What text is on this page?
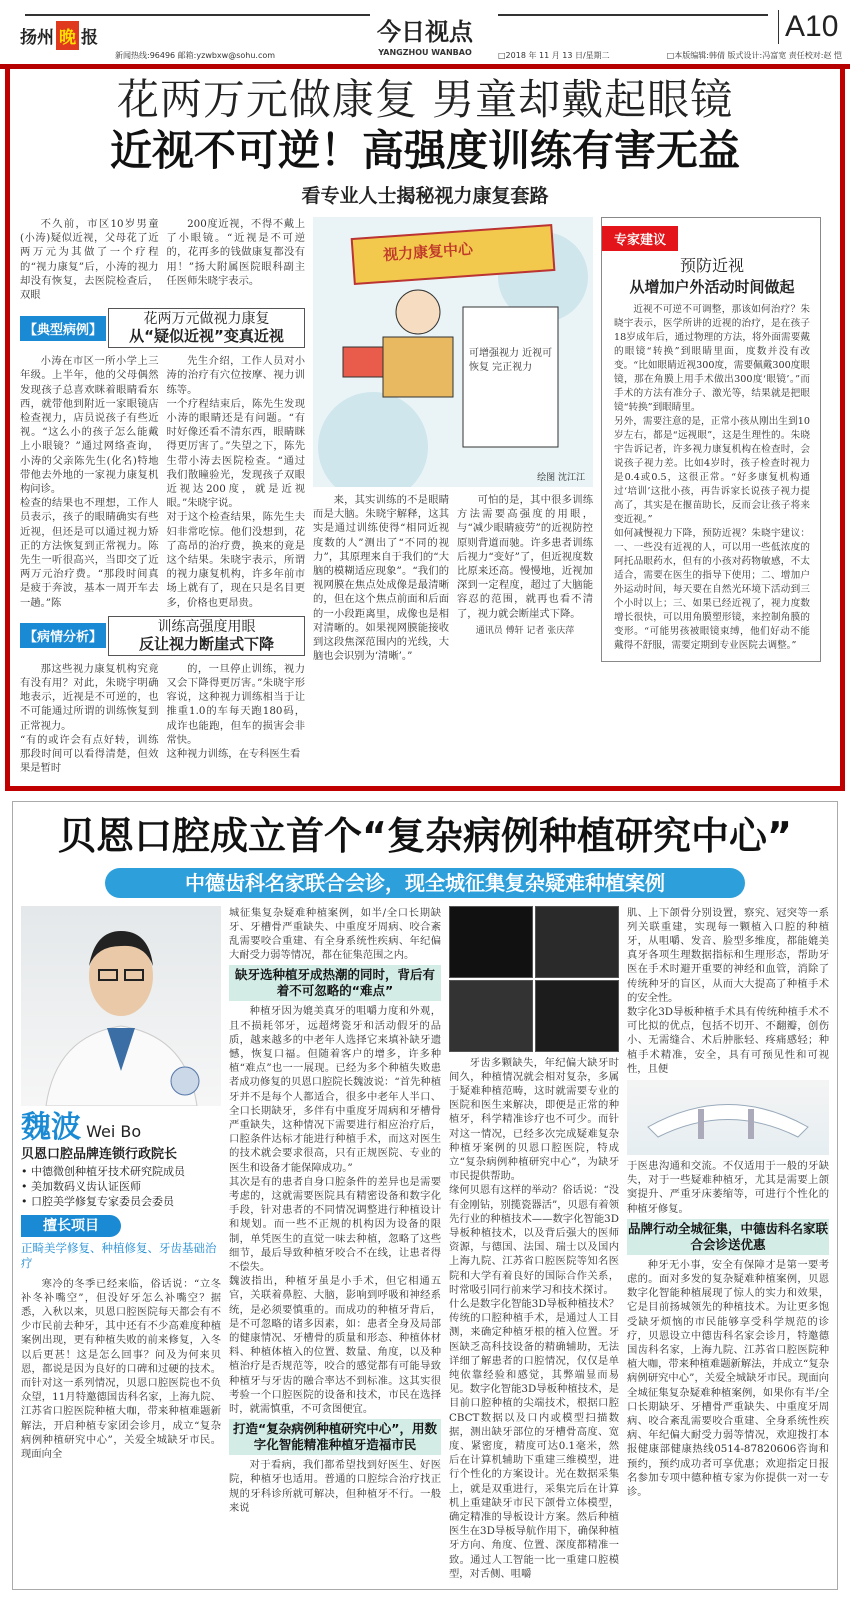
扬州 晚 报
新闻热线:96496 邮箱:yzwbxw@sohu.com
今日视点
YANGZHOU WANBAO	□2018 年 11 月 13 日/星期二	□本版编辑:韩倩 版式设计:冯富宽 责任校对:赵 恺
A10
花两万元做康复 男童却戴起眼镜
近视不可逆！高强度训练有害无益
看专业人士揭秘视力康复套路
不久前，市区10岁男童(小涛)疑似近视，父母花了近两万元为其做了一个疗程的“视力康复”后，小涛的视力却没有恢复，去医院检查后，双眼
200度近视，不得不戴上了小眼镜。“近视是不可逆的，花再多的钱做康复都没有用！”扬大附属医院眼科副主任医师朱晓宇表示。
【典型病例】
花两万元做视力康复
从“疑似近视”变真近视
小涛在市区一所小学上三年级。上半年，他的父母偶然发现孩子总喜欢眯着眼睛看东西，就带他到附近一家眼镜店检查视力，店员说孩子有些近视。“这么小的孩子怎么能戴上小眼镜？”通过网络查询，小涛的父亲陈先生(化名)特地带他去外地的一家视力康复机构问诊。
检查的结果也不理想，工作人员表示，孩子的眼睛确实有些近视，但还是可以通过视力矫正的方法恢复到正常视力。陈先生一听很高兴，当即交了近两万元治疗费。“那段时间真是疲于奔波，基本一周开车去一趟。”陈
先生介绍，工作人员对小涛的治疗有穴位按摩、视力训练等。
一个疗程结束后，陈先生发现小涛的眼睛还是有问题。“有时好像还看不清东西，眼睛眯得更厉害了。”失望之下，陈先生带小涛去医院检查。“通过我们散瞳验光，发现孩子双眼近视达200度，就是近视眼。”朱晓宇说。
对于这个检查结果，陈先生夫妇非常吃惊。他们没想到，花了高昂的治疗费，换来的竟是这个结果。朱晓宇表示，所谓的视力康复机构，许多年前市场上就有了，现在只是名目更多，价格也更昂贵。
【病情分析】
训练高强度用眼
反让视力断崖式下降
那这些视力康复机构究竟有没有用？对此，朱晓宇明确地表示，近视是不可逆的，也不可能通过所谓的训练恢复到正常视力。
“有的或许会有点好转，训练那段时间可以看得清楚，但效果是暂时
的，一旦停止训练，视力又会下降得更厉害。”朱晓宇形容说，这种视力训练相当于让推重1.0的车每天跑180码，成诈也能跑，但车的损害会非常快。
这种视力训练，在专科医生看
视力康复中心
可增强视力 近视可恢复 完正视力
绘图 沈江江
来，其实训练的不是眼睛而是大脑。朱晓宇解释，这其实是通过训练使得“相同近视度数的人”测出了“不同的视力”，其原理来自于我们的“大脑的模糊适应现象”。“我们的视网膜在焦点处成像是最清晰的，但在这个焦点前面和后面的一小段距离里，成像也是相对清晰的。如果视网膜能接收到这段焦深范围内的光线，大脑也会识别为‘清晰’。”
可怕的是，其中很多训练方法需要高强度的用眼，与“减少眼睛疲劳”的近视防控原则背道而驰。许多患者训练后视力“变好”了，但近视度数比原来还高。慢慢地，近视加深到一定程度，超过了大脑能容忍的范围，就再也看不清了，视力就会断崖式下降。
通讯员 傅轩 记者 张庆萍
专家建议
预防近视
从增加户外活动时间做起
近视不可逆不可调整，那该如何治疗？朱晓宇表示，医学所讲的近视的治疗，是在孩子18岁成年后，通过物理的方法，将外面需要戴的眼镜“转换”到眼睛里面，度数并没有改变。“比如眼睛近视300度，需要佩戴300度眼镜，那在角膜上用手术做出300度‘眼镜’。”而手术的方法有准分子、激光等，结果就是把眼镜“转换”到眼睛里。
另外，需要注意的是，正常小孩从刚出生到10岁左右，都是“远视眼”，这是生理性的。朱晓宇告诉记者，许多视力康复机构在检查时，会说孩子视力差。比如4岁时，孩子检查时视力是0.4或0.5，这很正常。“好多康复机构通过‘培训’这批小孩，再告诉家长说孩子视力提高了，其实是在揠苗助长，反而会让孩子将来变近视。”
如何减慢视力下降，预防近视？朱晓宇建议：一、一些没有近视的人，可以用一些低浓度的阿托品眼药水，但有的小孩对药物敏感，不太适合，需要在医生的指导下使用；二、增加户外运动时间，每天要在自然光环境下活动到三个小时以上；三、如果已经近视了，视力度数增长很快，可以用角膜塑形镜，来控制角膜的变形。“可能男孩被眼镜束缚，他们好动不能戴得不舒服，需要定期到专业医院去调整。”
贝恩口腔成立首个“复杂病例种植研究中心”
中德齿科名家联合会诊，现全城征集复杂疑难种植案例
魏波 Wei Bo
贝恩口腔品牌连锁行政院长
• 中德微创种植牙技术研究院成员
• 美加数码义齿认证医师
• 口腔美学修复专家委员会委员
擅长项目
正畸美学修复、种植修复、牙齿基础治疗
寒冷的冬季已经来临，俗话说：“立冬补冬补嘴空”，但没好牙怎么补嘴空？据悉，入秋以来，贝恩口腔医院每天都会有不少市民前去种牙，其中还有不少高难度种植案例出现，更有种植失败的前来修复，入冬以后更甚！这是怎么回事？问及为何来贝恩，都说是因为良好的口碑和过硬的技术。而针对这一系列情况，贝恩口腔医院也不负众望，11月特邀德国齿科名家，上海九院、江苏省口腔医院种植大咖，带来种植难题新解法，开启种植专家团会诊月，成立“复杂病例种植研究中心”，关爱全城缺牙市民。现面向全
城征集复杂疑难种植案例，如半/全口长期缺牙、牙槽骨严重缺失、中重度牙周病、咬合紊乱需要咬合重建、有全身系统性疾病、年纪偏大耐受力弱等情况，都在征集范围之内。
缺牙选种植牙成热潮的同时，背后有着不可忽略的“难点”
种植牙因为媲美真牙的咀嚼力度和外观，且不损耗邻牙，远超烤瓷牙和活动假牙的品质，越来越多的中老年人选择它来填补缺牙遗憾，恢复口福。但随着客户的增多，许多种植“难点”也一一展现。已经为多个种植失败患者成功修复的贝恩口腔院长魏波说：“首先种植牙并不是每个人都适合，很多中老年人半口、全口长期缺牙，多伴有中重度牙周病和牙槽骨严重缺失，这种情况下需要进行相应治疗后，口腔条件达标才能进行种植手术，而这对医生的技术就会要求很高，只有正规医院、专业的医生和设备才能保障成功。”
其次是有的患者自身口腔条件的差异也是需要考虑的，这就需要医院具有精密设备和数字化手段，针对患者的不同情况调整进行种植设计和规划。而一些不正规的机构因为设备的限制，单凭医生的直觉一味去种植，忽略了这些细节，最后导致种植牙咬合不在线，让患者得不偿失。
魏波指出，种植牙虽是小手术，但它相通五官，关联着鼻腔、大脑，影响到呼吸和神经系统，是必须要慎重的。而成功的种植牙背后，是不可忽略的诸多因素，如：患者全身及局部的健康情况、牙槽骨的质量和形态、种植体材料、种植体植入的位置、数量、角度，以及种植治疗是否规范等，咬合的感觉都有可能导致种植牙与牙齿的融合率达不到标准。这其实很考验一个口腔医院的设备和技术，市民在选择时，就需慎重，不可贪图便宜。
打造“复杂病例种植研究中心”，用数字化智能精准种植牙造福市民
对于看病，我们都希望找到好医生、好医院，种植牙也适用。普通的口腔综合治疗找正规的牙科诊所就可解决，但种植牙不行。一般来说
牙齿多颗缺失，年纪偏大缺牙时间久，种植情况就会相对复杂，多属于疑难种植范畴，这时就需要专业的医院和医生来解决，即便是正常的种植牙，科学精准诊疗也不可少。而针对这一情况，已经多次完成疑难复杂种植牙案例的贝恩口腔医院，特成立“复杂病例种植研究中心”，为缺牙市民提供帮助。
缘何贝恩有这样的举动？俗话说：“没有金刚钻，别揽瓷器活”，贝恩有着领先行业的种植技术——数字化智能3D导板种植技术，以及背后强大的医师资源，与德国、法国、瑞士以及国内上海九院、江苏省口腔医院等知名医院和大学有着良好的国际合作关系，时常吸引同行前来学习和技术探讨。
什么是数字化智能3D导板种植技术？传统的口腔种植手术，是通过人工目测，来确定种植牙根的植入位置。牙医缺乏高科技设备的精确辅助，无法详细了解患者的口腔情况，仅仅是单纯依靠经验和感觉，其弊端显而易见。数字化智能3D导板种植技术，是目前口腔种植的尖端技术，根据口腔CBCT数据以及口内或模型扫描数据，测出缺牙部位的牙槽骨高度、宽度、紧密度，精度可达0.1毫米，然后在计算机辅助下重建三维模型，进行个性化的方案设计。光在数据采集上，就是双重进行，采集完后在计算机上重建缺牙市民下颌骨立体模型，确定精准的导板设计方案。然后种植医生在3D导板导航作用下，确保种植牙方向、角度、位置、深度都精准一致。通过人工智能一比一重建口腔模型，对舌侧、咀嚼
肌、上下颌骨分别设置，察究、冠突等一系列关联重建，实现每一颗植入口腔的种植牙，从咀嚼、发音、脸型多维度，都能媲美真牙各项生理数据指标和生理形态，帮助牙医在手术时避开重要的神经和血管，消除了传统种牙的盲区，从而大大提高了种植手术的安全性。
数字化3D导板种植手术具有传统种植手术不可比拟的优点，包括不切开、不翻瓣，创伤小、无需缝合、术后肿胀轻、疼痛感轻；种植手术精准，安全，具有可预见性和可视性，且便
于医患沟通和交流。不仅适用于一般的牙缺失，对于一些疑难种植牙，尤其是需要上颌窦提升、严重牙床萎缩等，可进行个性化的种植牙修复。
品牌行动全城征集，中德齿科名家联合会诊送优惠
种牙无小事，安全有保障才是第一要考虑的。面对多发的复杂疑难种植案例，贝恩数字化智能种植展现了惊人的实力和效果，它是目前扬城领先的种植技术。为让更多饱受缺牙烦恼的市民能够享受科学规范的诊疗，贝恩设立中德齿科名家会诊月，特邀德国齿科名家，上海九院、江苏省口腔医院种植大咖，带来种植难题新解法，并成立“复杂病例研究中心”，关爱全城缺牙市民。现面向全城征集复杂疑难种植案例，如果你有半/全口长期缺牙、牙槽骨严重缺失、中重度牙周病、咬合紊乱需要咬合重建、全身系统性疾病、年纪偏大耐受力弱等情况，欢迎拨打本报健康部健康热线0514-87820606咨询和预约，预约成功者可享优惠；欢迎指定日报名参加专项中德种植专家为你提供一对一专诊。
